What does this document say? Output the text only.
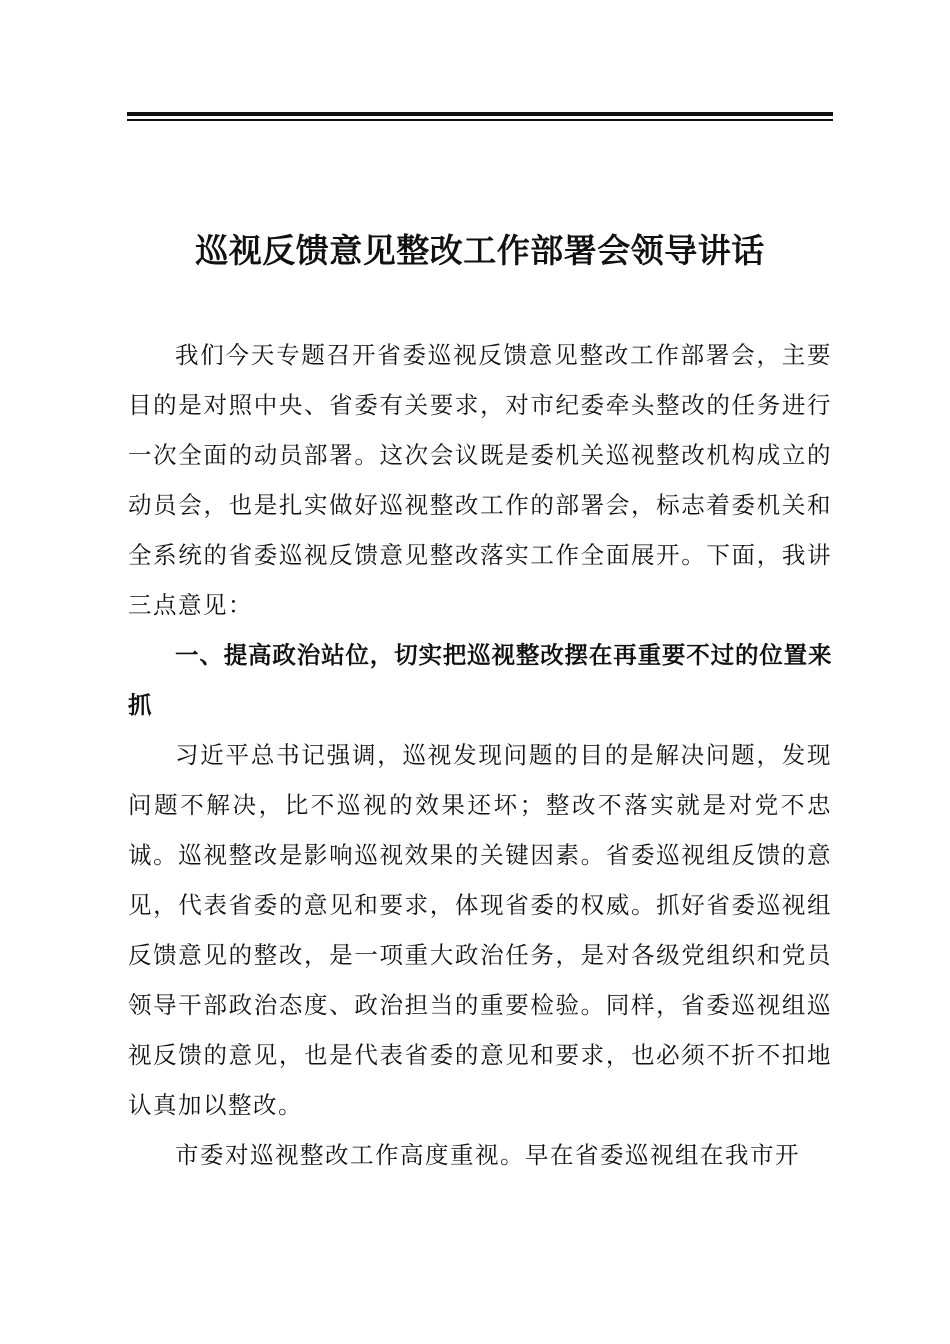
巡视反馈意见整改工作部署会领导讲话

我们今天专题召开省委巡视反馈意见整改工作部署会，主要目的是对照中央、省委有关要求，对市纪委牵头整改的任务进行一次全面的动员部署。这次会议既是委机关巡视整改机构成立的动员会，也是扎实做好巡视整改工作的部署会，标志着委机关和全系统的省委巡视反馈意见整改落实工作全面展开。下面，我讲三点意见：

一、提高政治站位，切实把巡视整改摆在再重要不过的位置来抓

习近平总书记强调，巡视发现问题的目的是解决问题，发现问题不解决，比不巡视的效果还坏；整改不落实就是对党不忠诚。巡视整改是影响巡视效果的关键因素。省委巡视组反馈的意见，代表省委的意见和要求，体现省委的权威。抓好省委巡视组反馈意见的整改，是一项重大政治任务，是对各级党组织和党员领导干部政治态度、政治担当的重要检验。同样，省委巡视组巡视反馈的意见，也是代表省委的意见和要求，也必须不折不扣地认真加以整改。

市委对巡视整改工作高度重视。早在省委巡视组在我市开
